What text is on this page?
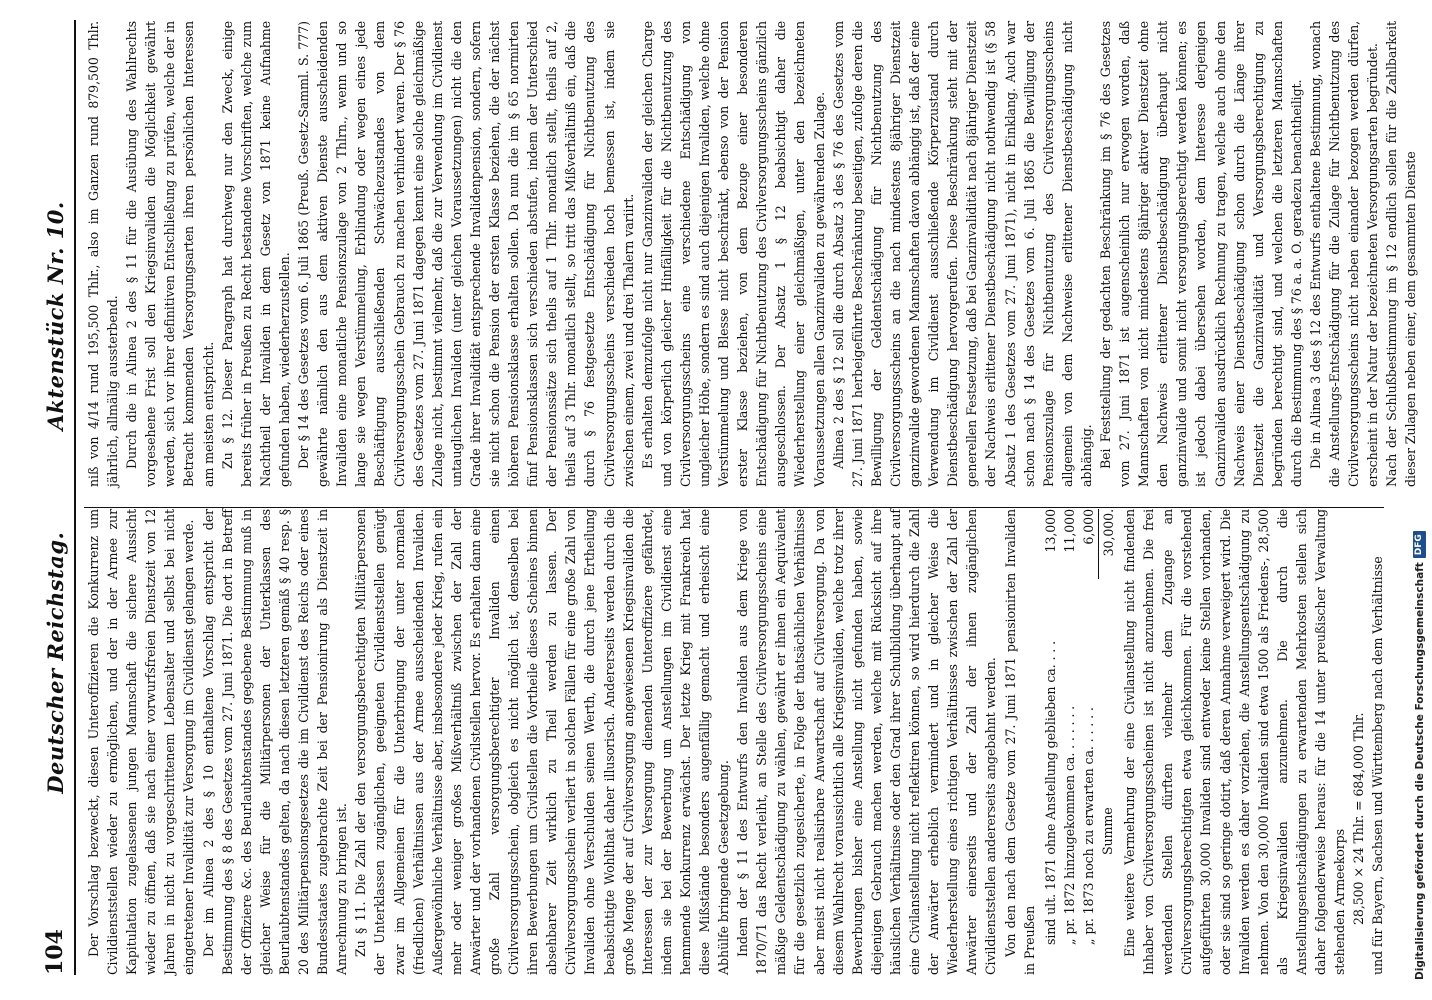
104
Deutscher Reichstag.
Aktenstück Nr. 10.

Der Vorschlag bezweckt, diesen Unteroffizieren die Konkurrenz um Civildienststellen wieder zu ermöglichen, und der in der Armee zur Kapitulation zugelassenen jungen Mannschaft die sichere Aussicht wieder zu öffnen, daß sie nach einer vorwurfsfreien Dienstzeit von 12 Jahren in nicht zu vorgeschrittenem Lebensalter und selbst bei nicht eingetretener Invalidität zur Versorgung im Civildienst gelangen werde. Der im Alinea 2 des § 10 enthaltene Vorschlag entspricht der Bestimmung des § 8 des Gesetzes vom 27. Juni 1871. Die dort in Betreff der Offiziere &c. des Beurlaubtenstandes gegebene Bestimmung muß in gleicher Weise für die Militärpersonen der Unterklassen des Beurlaubtenstandes gelten, da nach diesen letzteren gemäß § 40 resp. § 20 des Militärpensionsgesetzes die im Civildienst des Reichs oder eines Bundesstaates zugebrachte Zeit bei der Pensionirung als Dienstzeit in Anrechnung zu bringen ist. Zu § 11. Die Zahl der den versorgungsberechtigten Militärpersonen der Unterklassen zugänglichen, geeigneten Civildienststellen genügt zwar im Allgemeinen für die Unterbringung der unter normalen (friedlichen) Verhältnissen aus der Armee ausscheidenden Invaliden. Außergewöhnliche Verhältnisse aber, insbesondere jeder Krieg, rufen ein mehr oder weniger großes Mißverhältniß zwischen der Zahl der Anwärter und der vorhandenen Civilstellen hervor. Es erhalten dann eine große Zahl versorgungsberechtigter Invaliden einen Civilversorgungsschein, obgleich es nicht möglich ist, denselben bei ihren Bewerbungen um Civilstellen die Vortheile dieses Scheines binnen absehbarer Zeit wirklich zu Theil werden zu lassen. Der Civilversorgungsschein verliert in solchen Fällen für eine große Zahl von Invaliden ohne Verschulden seinen Werth, die durch jene Ertheilung beabsichtigte Wohlthat daher illusorisch. Andererseits werden durch die große Menge der auf Civilversorgung angewiesenen Kriegsinvaliden die Interessen der zur Versorgung dienenden Unteroffiziere gefährdet, indem sie bei der Bewerbung um Anstellungen im Civildienst eine hemmende Konkurrenz erwächst. Der letzte Krieg mit Frankreich hat diese Mißstände besonders augenfällig gemacht und erheischt eine Abhülfe bringende Gesetzgebung. Indem der § 11 des Entwurfs den Invaliden aus dem Kriege von 1870/71 das Recht verleiht, an Stelle des Civilversorgungsscheins eine mäßige Geldentschädigung zu wählen, gewährt er ihnen ein Aequivalent für die gesetzlich zugesicherte, in Folge der thatsächlichen Verhältnisse aber meist nicht realisirbare Anwartschaft auf Civilversorgung. Da von diesem Wahlrecht voraussichtlich alle Kriegsinvaliden, welche trotz ihrer Bewerbungen bisher eine Anstellung nicht gefunden haben, sowie diejenigen Gebrauch machen werden, welche mit Rücksicht auf ihre häuslichen Verhältnisse oder den Grad ihrer Schulbildung überhaupt auf eine Civilanstellung nicht reflektiren können, so wird hierdurch die Zahl der Anwärter erheblich vermindert und in gleicher Weise die Wiederherstellung eines richtigen Verhältnisses zwischen der Zahl der Anwärter einerseits und der Zahl der ihnen zugänglichen Civildienststellen andererseits angebahnt werden. Von den nach dem Gesetze vom 27. Juni 1871 pensionirten Invaliden in Preußen sind ult. 1871 ohne Anstellung geblieben ca. . . .
13,000
„ pr. 1872 hinzugekommen ca. . . . . . .
11,000
„ pr. 1873 noch zu erwarten ca. . . . . .
6,000
Summe
30,000. Eine weitere Vermehrung der eine Civilanstellung nicht findenden Inhaber von Civilversorgungsscheinen ist nicht anzunehmen. Die frei werdenden Stellen dürften vielmehr dem Zugange an Civilversorgungsberechtigten etwa gleichkommen. Für die vorstehend aufgeführten 30,000 Invaliden sind entweder keine Stellen vorhanden, oder sie sind so geringe dotirt, daß deren Annahme verweigert wird. Die Invaliden werden es daher vorziehen, die Anstellungsentschädigung zu nehmen. Von den 30,000 Invaliden sind etwa 1500 als Friedens-, 28,500 als Kriegsinvaliden anzunehmen. Die durch die Anstellungsentschädigungen zu erwartenden Mehrkosten stellen sich daher folgenderweise heraus: für die 14 unter preußischer Verwaltung stehenden Armeekorps 28,500 × 24 Thlr. = 684,000 Thlr. und für Bayern, Sachsen und Württemberg nach dem Verhältnisse

niß von 4/14 rund 195,500 Thlr., also im Ganzen rund 879,500 Thlr. jährlich, allmälig aussterbend. Durch die in Alinea 2 des § 11 für die Ausübung des Wahlrechts vorgesehene Frist soll den Kriegsinvaliden die Möglichkeit gewährt werden, sich vor ihrer definitiven Entschließung zu prüfen, welche der in Betracht kommenden Versorgungsarten ihren persönlichen Interessen am meisten entspricht. Zu § 12. Dieser Paragraph hat durchweg nur den Zweck, einige bereits früher in Preußen zu Recht bestandene Vorschriften, welche zum Nachtheil der Invaliden in dem Gesetz von 1871 keine Aufnahme gefunden haben, wiederherzustellen. Der § 14 des Gesetzes vom 6. Juli 1865 (Preuß. Gesetz-Samml. S. 777) gewährte nämlich den aus dem aktiven Dienste ausscheidenden Invaliden eine monatliche Pensionszulage von 2 Thlrn., wenn und so lange sie wegen Verstümmelung, Erblindung oder wegen eines jede Beschäftigung ausschließenden Schwächezustandes von dem Civilversorgungsschein Gebrauch zu machen verhindert waren. Der § 76 des Gesetzes vom 27. Juni 1871 dagegen kennt eine solche gleichmäßige Zulage nicht, bestimmt vielmehr, daß die zur Verwendung im Civildienst untauglichen Invaliden (unter gleichen Voraussetzungen) nicht die den Grade ihrer Invalidität entsprechende Invalidenpension, sondern, sofern sie nicht schon die Pension der ersten Klasse beziehen, die der nächst höheren Pensionsklasse erhalten sollen. Da nun die im § 65 normirten fünf Pensionsklassen sich verschieden abstufen, indem der Unterschied der Pensionssätze sich theils auf 1 Thlr. monatlich stellt, theils auf 2, theils auf 3 Thlr. monatlich stellt, so tritt das Mißverhältniß ein, daß die durch § 76 festgesetzte Entschädigung für Nichtbenutzung des Civilversorgungsscheins verschieden hoch bemessen ist, indem sie zwischen einem, zwei und drei Thalern variirt. Es erhalten demzufolge nicht nur Ganzinvaliden der gleichen Charge und von körperlich gleicher Hinfälligkeit für die Nichtbenutzung des Civilversorgungsscheins eine verschiedene Entschädigung von ungleicher Höhe, sondern es sind auch diejenigen Invaliden, welche ohne Verstümmelung und Blesse nicht beschränkt, ebenso von der Pension erster Klasse beziehen, von dem Bezuge einer besonderen Entschädigung für Nichtbenutzung des Civilversorgungsscheins gänzlich ausgeschlossen. Der Absatz 1 § 12 beabsichtigt daher die Wiederherstellung einer gleichmäßigen, unter den bezeichneten Voraussetzungen allen Ganzinvaliden zu gewährenden Zulage. Alinea 2 des § 12 soll die durch Absatz 3 des § 76 des Gesetzes vom 27. Juni 1871 herbeigeführte Beschränkung beseitigen, zufolge deren die Bewilligung der Geldentschädigung für Nichtbenutzung des Civilversorgungsscheins an die nach mindestens 8jähriger Dienstzeit ganzinvalide gewordenen Mannschaften davon abhängig ist, daß der eine Verwendung im Civildienst ausschließende Körperzustand durch Dienstbeschädigung hervorgerufen. Diese Beschränkung steht mit der generellen Festsetzung, daß bei Ganzinvalidität nach 8jähriger Dienstzeit der Nachweis erlittener Dienstbeschädigung nicht nothwendig ist (§ 58 Absatz 1 des Gesetzes vom 27. Juni 1871), nicht in Einklang. Auch war schon nach § 14 des Gesetzes vom 6. Juli 1865 die Bewilligung der Pensionszulage für Nichtbenutzung des Civilversorgungsscheins allgemein von dem Nachweise erlittener Dienstbeschädigung nicht abhängig. Bei Feststellung der gedachten Beschränkung im § 76 des Gesetzes vom 27. Juni 1871 ist augenscheinlich nur erwogen worden, daß Mannschaften von nicht mindestens 8jähriger aktiver Dienstzeit ohne den Nachweis erlittener Dienstbeschädigung überhaupt nicht ganzinvalide und somit nicht versorgungsberechtigt werden können; es ist jedoch dabei übersehen worden, dem Interesse derjenigen Ganzinvaliden ausdrücklich Rechnung zu tragen, welche auch ohne den Nachweis einer Dienstbeschädigung schon durch die Länge ihrer Dienstzeit die Ganzinvalidität und Versorgungsberechtigung zu begründen berechtigt sind, und welchen die letzteren Mannschaften durch die Bestimmung des § 76 a. a. O. geradezu benachtheiligt. Die in Alinea 3 des § 12 des Entwurfs enthaltene Bestimmung, wonach die Anstellungs-Entschädigung für die Zulage für Nichtbenutzung des Civilversorgungsscheins nicht neben einander bezogen werden dürfen, erscheint in der Natur der bezeichneten Versorgungsarten begründet. Nach der Schlußbestimmung im § 12 endlich sollen für die Zahlbarkeit dieser Zulagen neben einer, dem gesammten Dienste

Digitalisierung gefördert durch die Deutsche Forschungsgemeinschaft
DFG
